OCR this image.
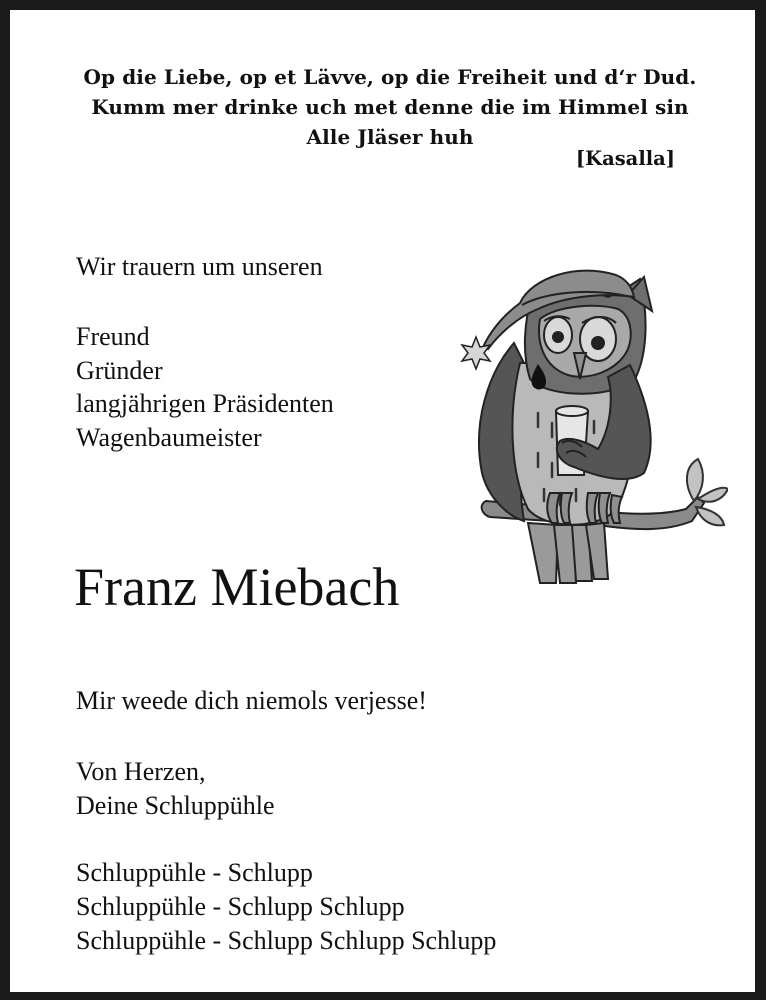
Op die Liebe, op et Lävve, op die Freiheit und d‘r Dud.
Kumm mer drinke uch met denne die im Himmel sin
Alle Jläser huh
[Kasalla]
Wir trauern um unseren
Freund
Gründer
langjährigen Präsidenten
Wagenbaumeister
Franz Miebach
Mir weede dich niemols verjesse!
Von Herzen,
Deine Schluppühle
Schluppühle - Schlupp
Schluppühle - Schlupp Schlupp
Schluppühle - Schlupp Schlupp Schlupp
